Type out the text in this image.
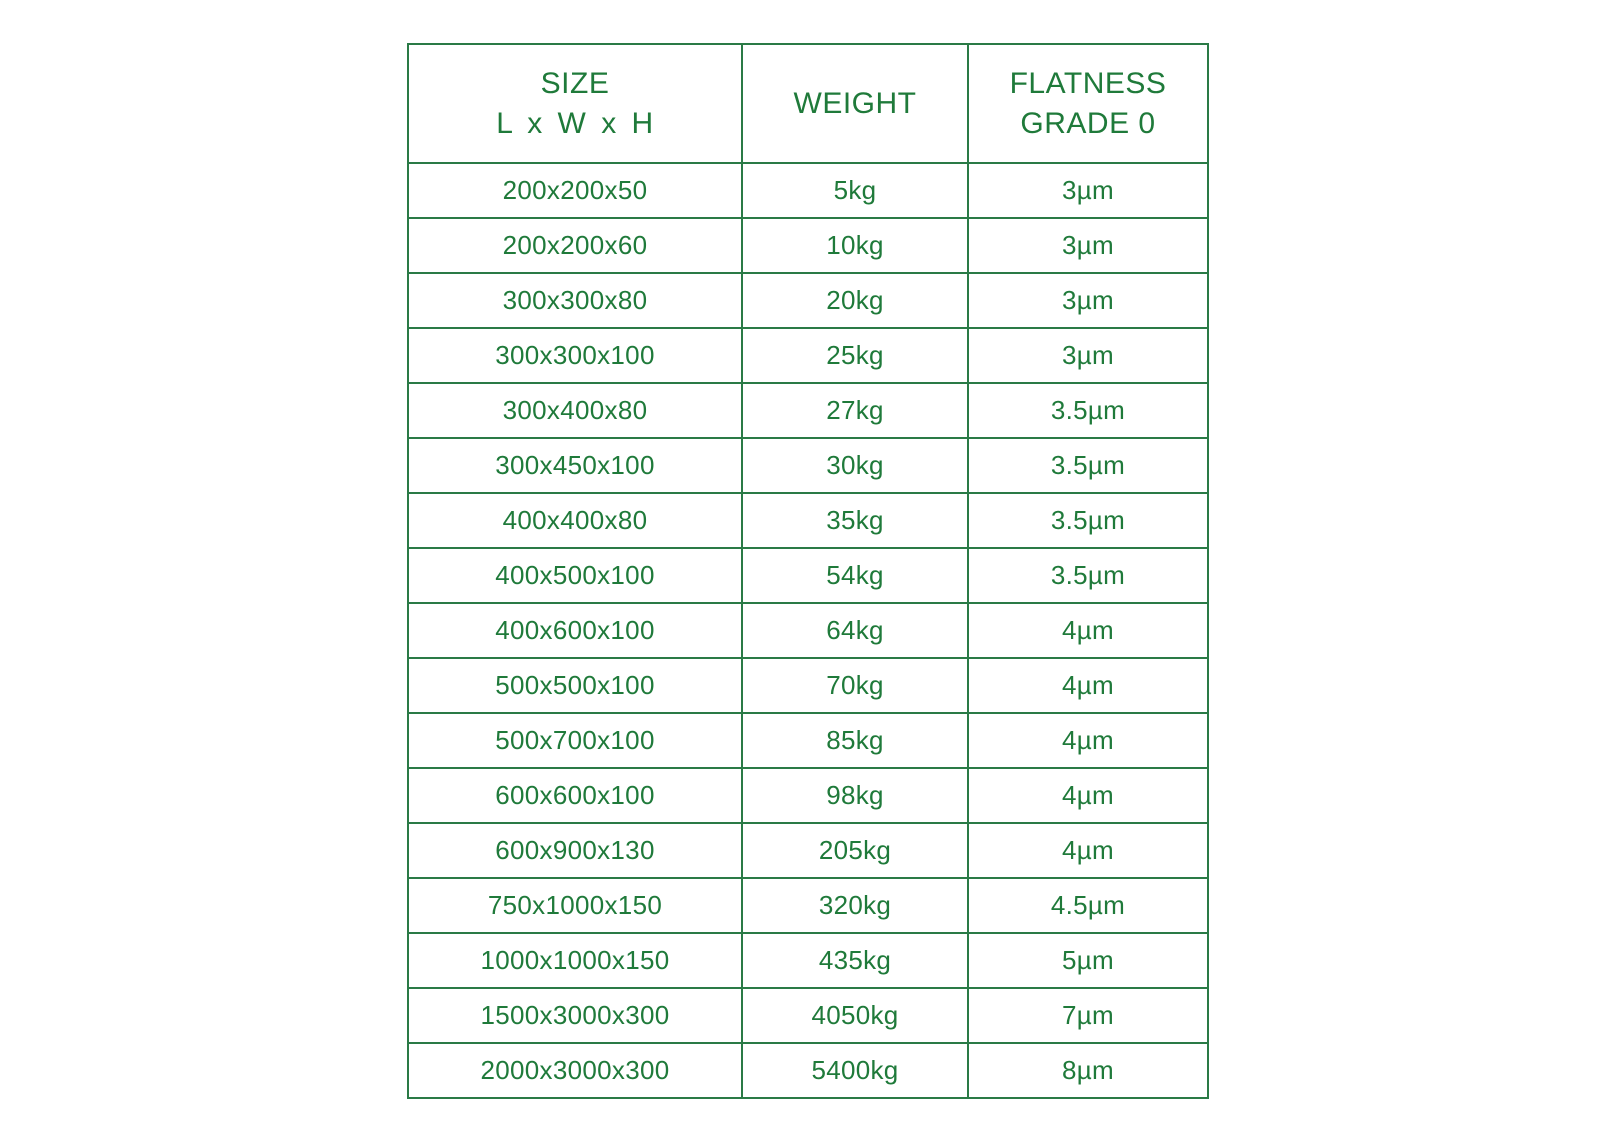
SIZE
L x W x H	WEIGHT	FLATNESS
GRADE 0

200x200x50	5kg	3µm
200x200x60	10kg	3µm
300x300x80	20kg	3µm
300x300x100	25kg	3µm
300x400x80	27kg	3.5µm
300x450x100	30kg	3.5µm
400x400x80	35kg	3.5µm
400x500x100	54kg	3.5µm
400x600x100	64kg	4µm
500x500x100	70kg	4µm
500x700x100	85kg	4µm
600x600x100	98kg	4µm
600x900x130	205kg	4µm
750x1000x150	320kg	4.5µm
1000x1000x150	435kg	5µm
1500x3000x300	4050kg	7µm
2000x3000x300	5400kg	8µm
